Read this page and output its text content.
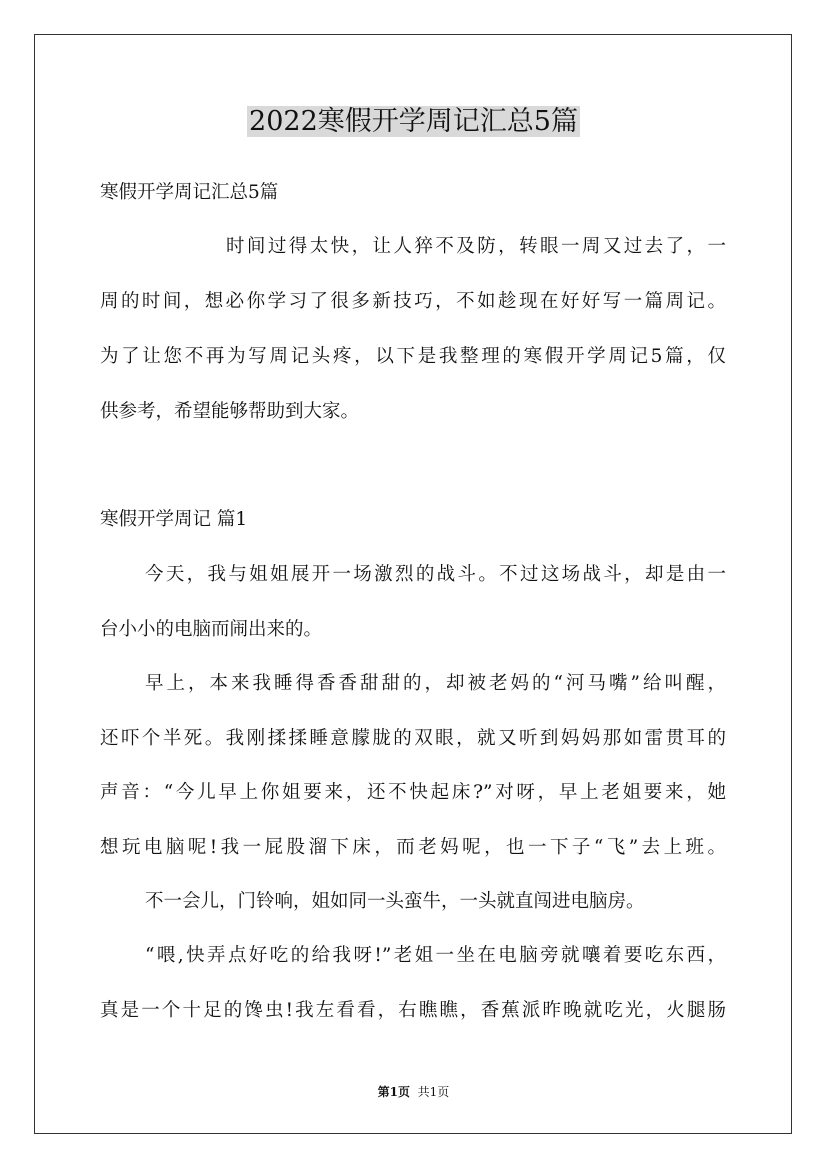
2022寒假开学周记汇总5篇
寒假开学周记汇总5篇
时间过得太快，让人猝不及防，转眼一周又过去了，一
周的时间，想必你学习了很多新技巧，不如趁现在好好写一篇周记。
为了让您不再为写周记头疼，以下是我整理的寒假开学周记5篇，仅
供参考，希望能够帮助到大家。
寒假开学周记 篇1
今天，我与姐姐展开一场激烈的战斗。不过这场战斗，却是由一
台小小的电脑而闹出来的。
早上，本来我睡得香香甜甜的，却被老妈的“河马嘴”给叫醒，
还吓个半死。我刚揉揉睡意朦胧的双眼，就又听到妈妈那如雷贯耳的
声音：“今儿早上你姐要来，还不快起床?”对呀，早上老姐要来，她
想玩电脑呢!我一屁股溜下床，而老妈呢，也一下子“飞”去上班。
不一会儿，门铃响，姐如同一头蛮牛，一头就直闯进电脑房。
“喂,快弄点好吃的给我呀!”老姐一坐在电脑旁就嚷着要吃东西，
真是一个十足的馋虫!我左看看，右瞧瞧，香蕉派昨晚就吃光，火腿肠
第1页 共1页
